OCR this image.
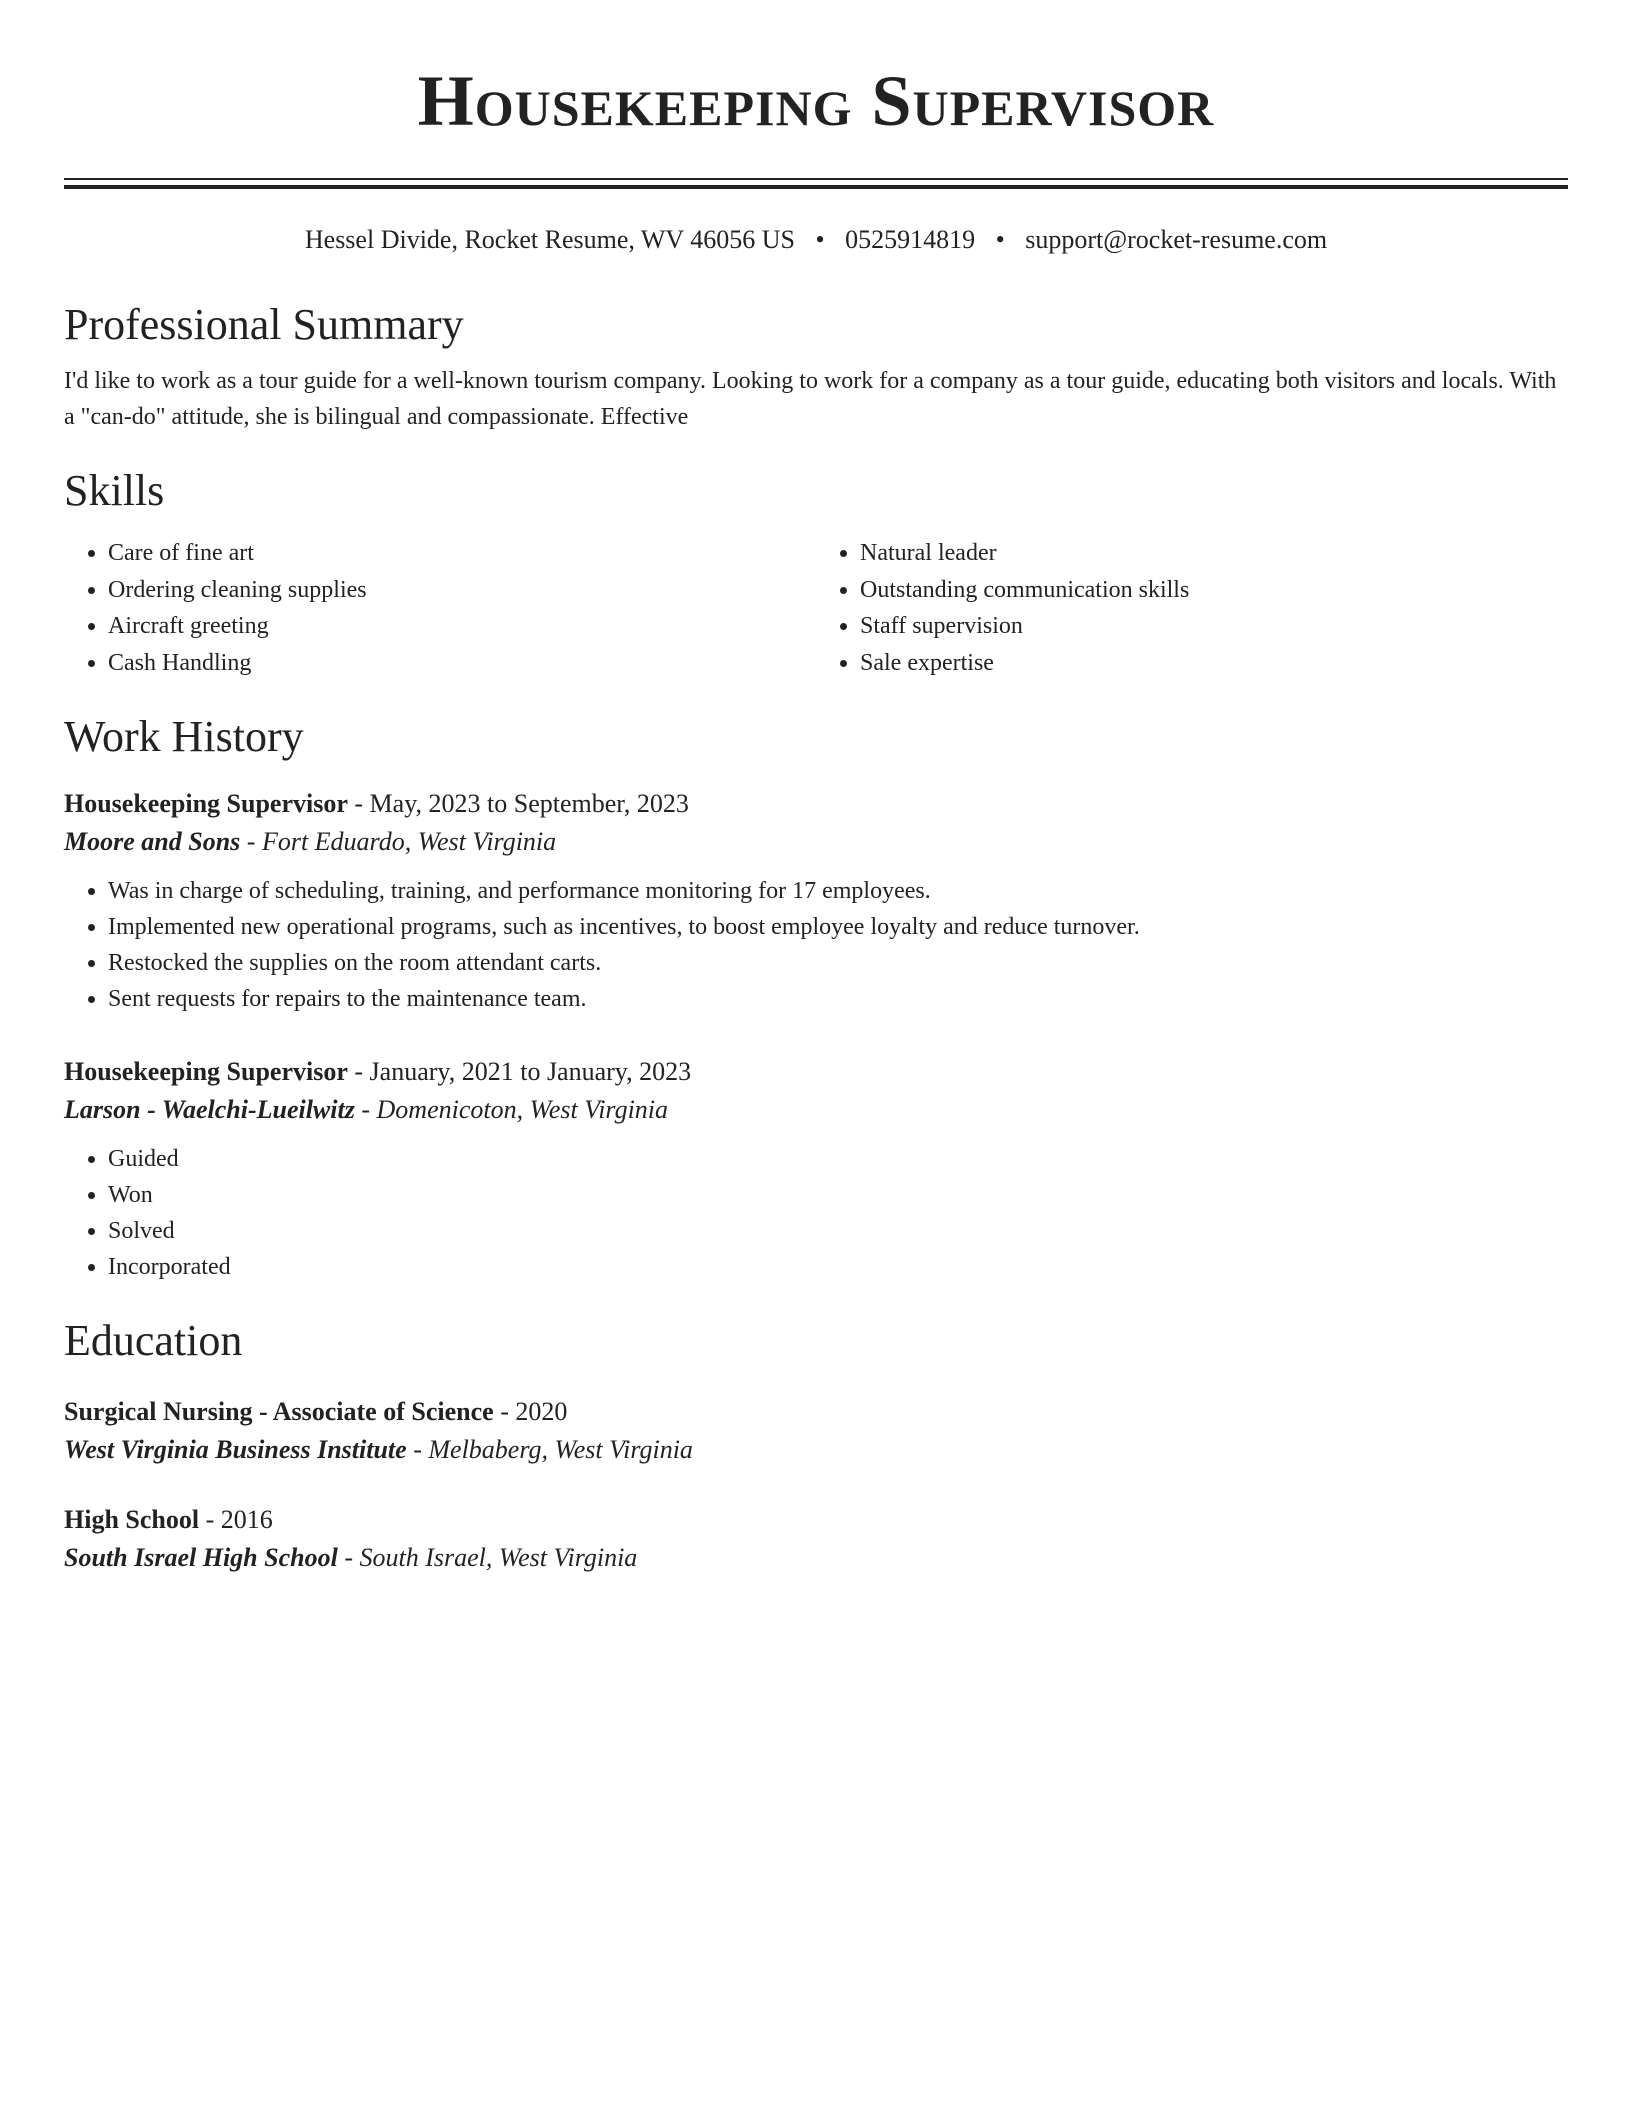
Housekeeping Supervisor
Hessel Divide, Rocket Resume, WV 46056 US • 0525914819 • support@rocket-resume.com
Professional Summary
I'd like to work as a tour guide for a well-known tourism company. Looking to work for a company as a tour guide, educating both visitors and locals. With a "can-do" attitude, she is bilingual and compassionate. Effective
Skills
• Care of fine art
• Ordering cleaning supplies
• Aircraft greeting
• Cash Handling
• Natural leader
• Outstanding communication skills
• Staff supervision
• Sale expertise
Work History
Housekeeping Supervisor - May, 2023 to September, 2023
Moore and Sons - Fort Eduardo, West Virginia
• Was in charge of scheduling, training, and performance monitoring for 17 employees.
• Implemented new operational programs, such as incentives, to boost employee loyalty and reduce turnover.
• Restocked the supplies on the room attendant carts.
• Sent requests for repairs to the maintenance team.
Housekeeping Supervisor - January, 2021 to January, 2023
Larson - Waelchi-Lueilwitz - Domenicoton, West Virginia
• Guided
• Won
• Solved
• Incorporated
Education
Surgical Nursing - Associate of Science - 2020
West Virginia Business Institute - Melbaberg, West Virginia
High School - 2016
South Israel High School - South Israel, West Virginia
